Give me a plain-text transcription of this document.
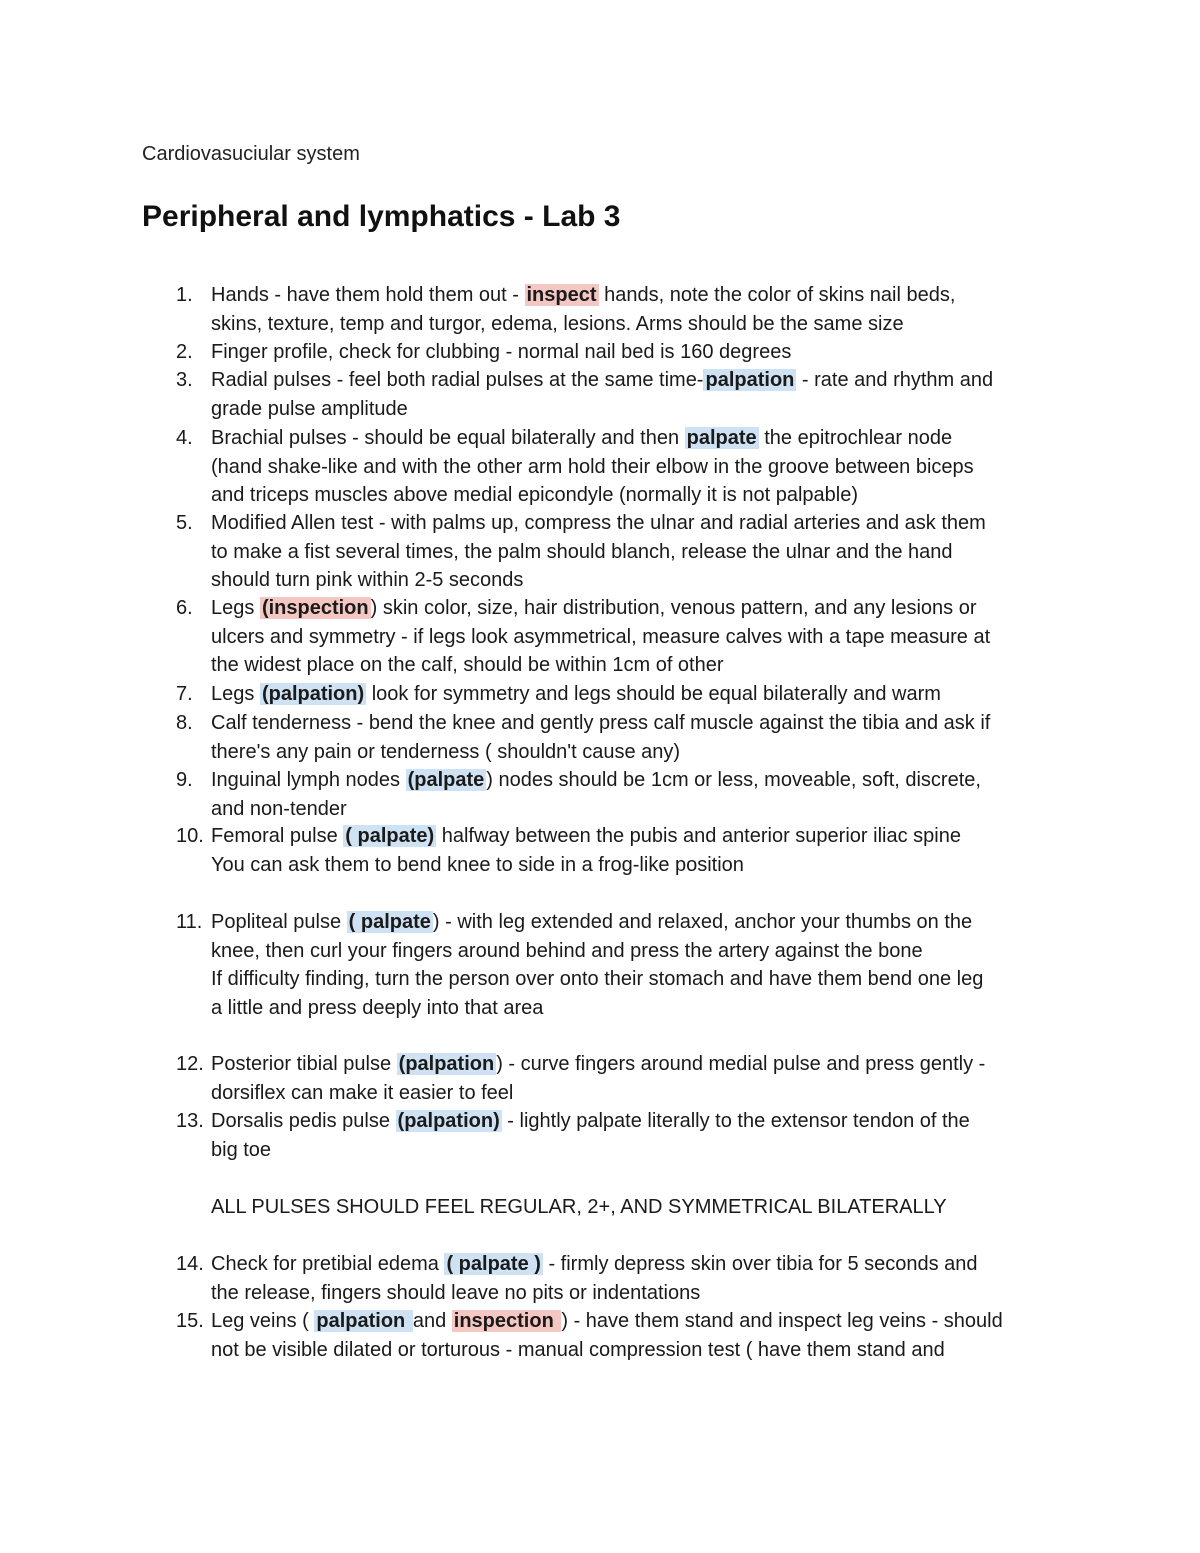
Cardiovasuciular system
Peripheral and lymphatics - Lab 3
1. Hands - have them hold them out - inspect hands, note the color of skins nail beds,
skins, texture, temp and turgor, edema, lesions. Arms should be the same size
2. Finger profile, check for clubbing - normal nail bed is 160 degrees
3. Radial pulses - feel both radial pulses at the same time- palpation - rate and rhythm and
grade pulse amplitude
4. Brachial pulses - should be equal bilaterally and then palpate the epitrochlear node
(hand shake-like and with the other arm hold their elbow in the groove between biceps
and triceps muscles above medial epicondyle (normally it is not palpable)
5. Modified Allen test - with palms up, compress the ulnar and radial arteries and ask them
to make a fist several times, the palm should blanch, release the ulnar and the hand
should turn pink within 2-5 seconds
6. Legs (inspection ) skin color, size, hair distribution, venous pattern, and any lesions or
ulcers and symmetry - if legs look asymmetrical, measure calves with a tape measure at
the widest place on the calf, should be within 1cm of other
7. Legs (palpation) look for symmetry and legs should be equal bilaterally and warm
8. Calf tenderness - bend the knee and gently press calf muscle against the tibia and ask if
there's any pain or tenderness ( shouldn't cause any)
9. Inguinal lymph nodes (palpate ) nodes should be 1cm or less, moveable, soft, discrete,
and non-tender
10. Femoral pulse ( palpate) halfway between the pubis and anterior superior iliac spine
You can ask them to bend knee to side in a frog-like position
11. Popliteal pulse ( palpate ) - with leg extended and relaxed, anchor your thumbs on the
knee, then curl your fingers around behind and press the artery against the bone
If difficulty finding, turn the person over onto their stomach and have them bend one leg
a little and press deeply into that area
12. Posterior tibial pulse (palpation ) - curve fingers around medial pulse and press gently -
dorsiflex can make it easier to feel
13. Dorsalis pedis pulse (palpation) - lightly palpate literally to the extensor tendon of the
big toe
14. Check for pretibial edema ( palpate ) - firmly depress skin over tibia for 5 seconds and
the release, fingers should leave no pits or indentations
15. Leg veins ( palpation and inspection ) - have them stand and inspect leg veins - should
not be visible dilated or torturous - manual compression test ( have them stand and
ALL PULSES SHOULD FEEL REGULAR, 2+, AND SYMMETRICAL BILATERALLY
